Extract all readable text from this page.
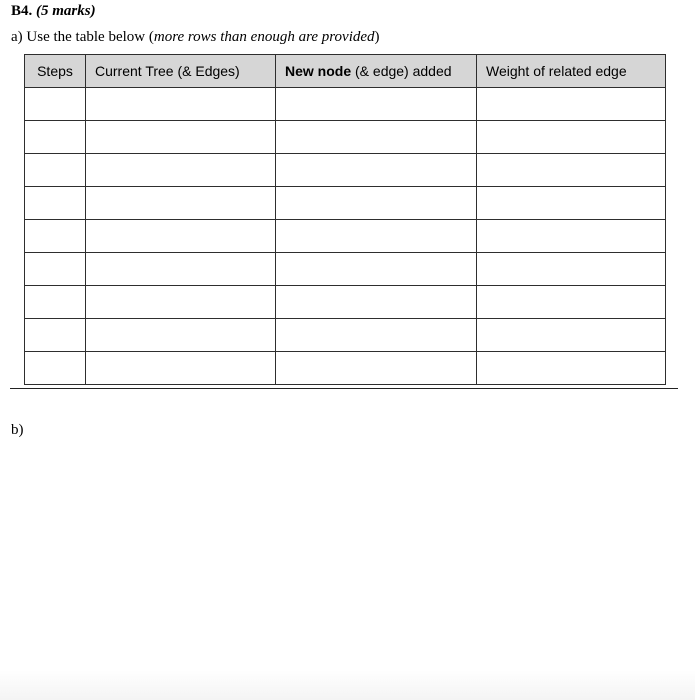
B4. (5 marks)
a) Use the table below (more rows than enough are provided)
Steps	Current Tree (& Edges)	New node (& edge) added	Weight of related edge

b)
